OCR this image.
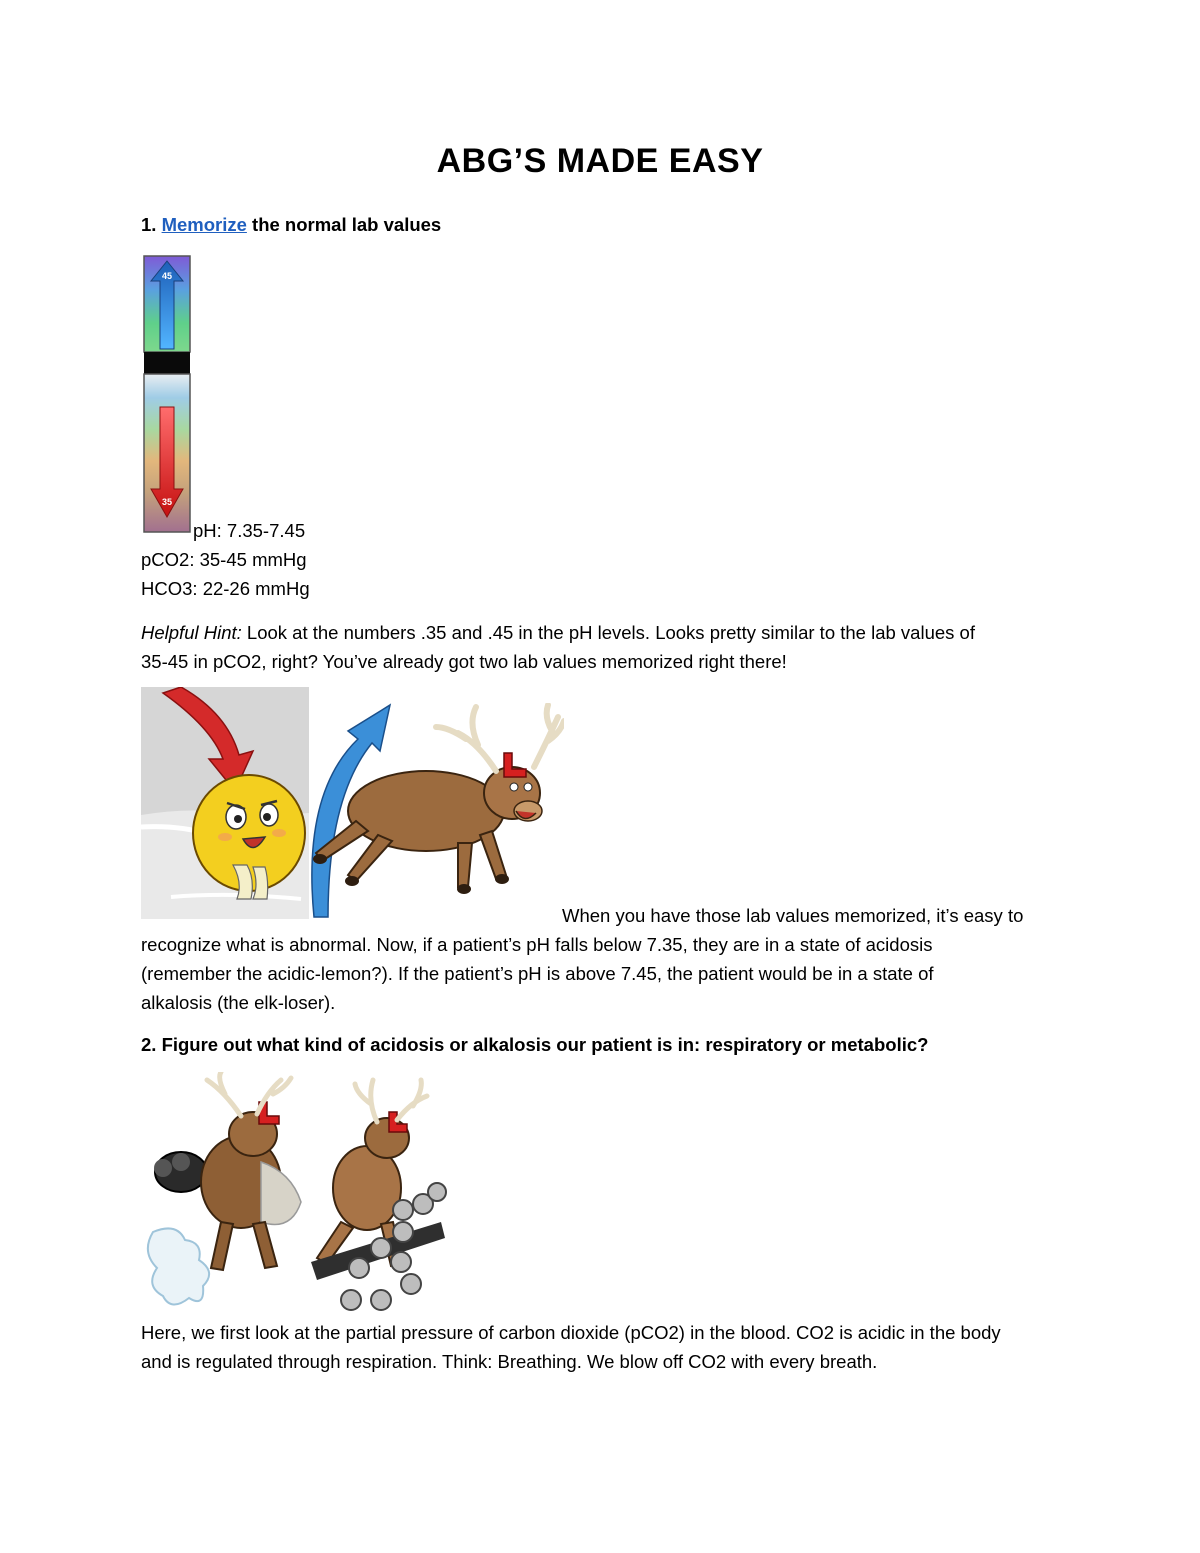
ABG’S MADE EASY
1. Memorize the normal lab values
45
35
pH: 7.35-7.45
pCO2: 35-45 mmHg
HCO3: 22-26 mmHg
Helpful Hint: Look at the numbers .35 and .45 in the pH levels. Looks pretty similar to the lab values of
35-45 in pCO2, right? You’ve already got two lab values memorized right there!
When you have those lab values memorized, it’s easy to
recognize what is abnormal. Now, if a patient’s pH falls below 7.35, they are in a state of acidosis
(remember the acidic-lemon?). If the patient’s pH is above 7.45, the patient would be in a state of
alkalosis (the elk-loser).
2. Figure out what kind of acidosis or alkalosis our patient is in: respiratory or metabolic?
Here, we first look at the partial pressure of carbon dioxide (pCO2) in the blood. CO2 is acidic in the body
and is regulated through respiration. Think: Breathing. We blow off CO2 with every breath.
